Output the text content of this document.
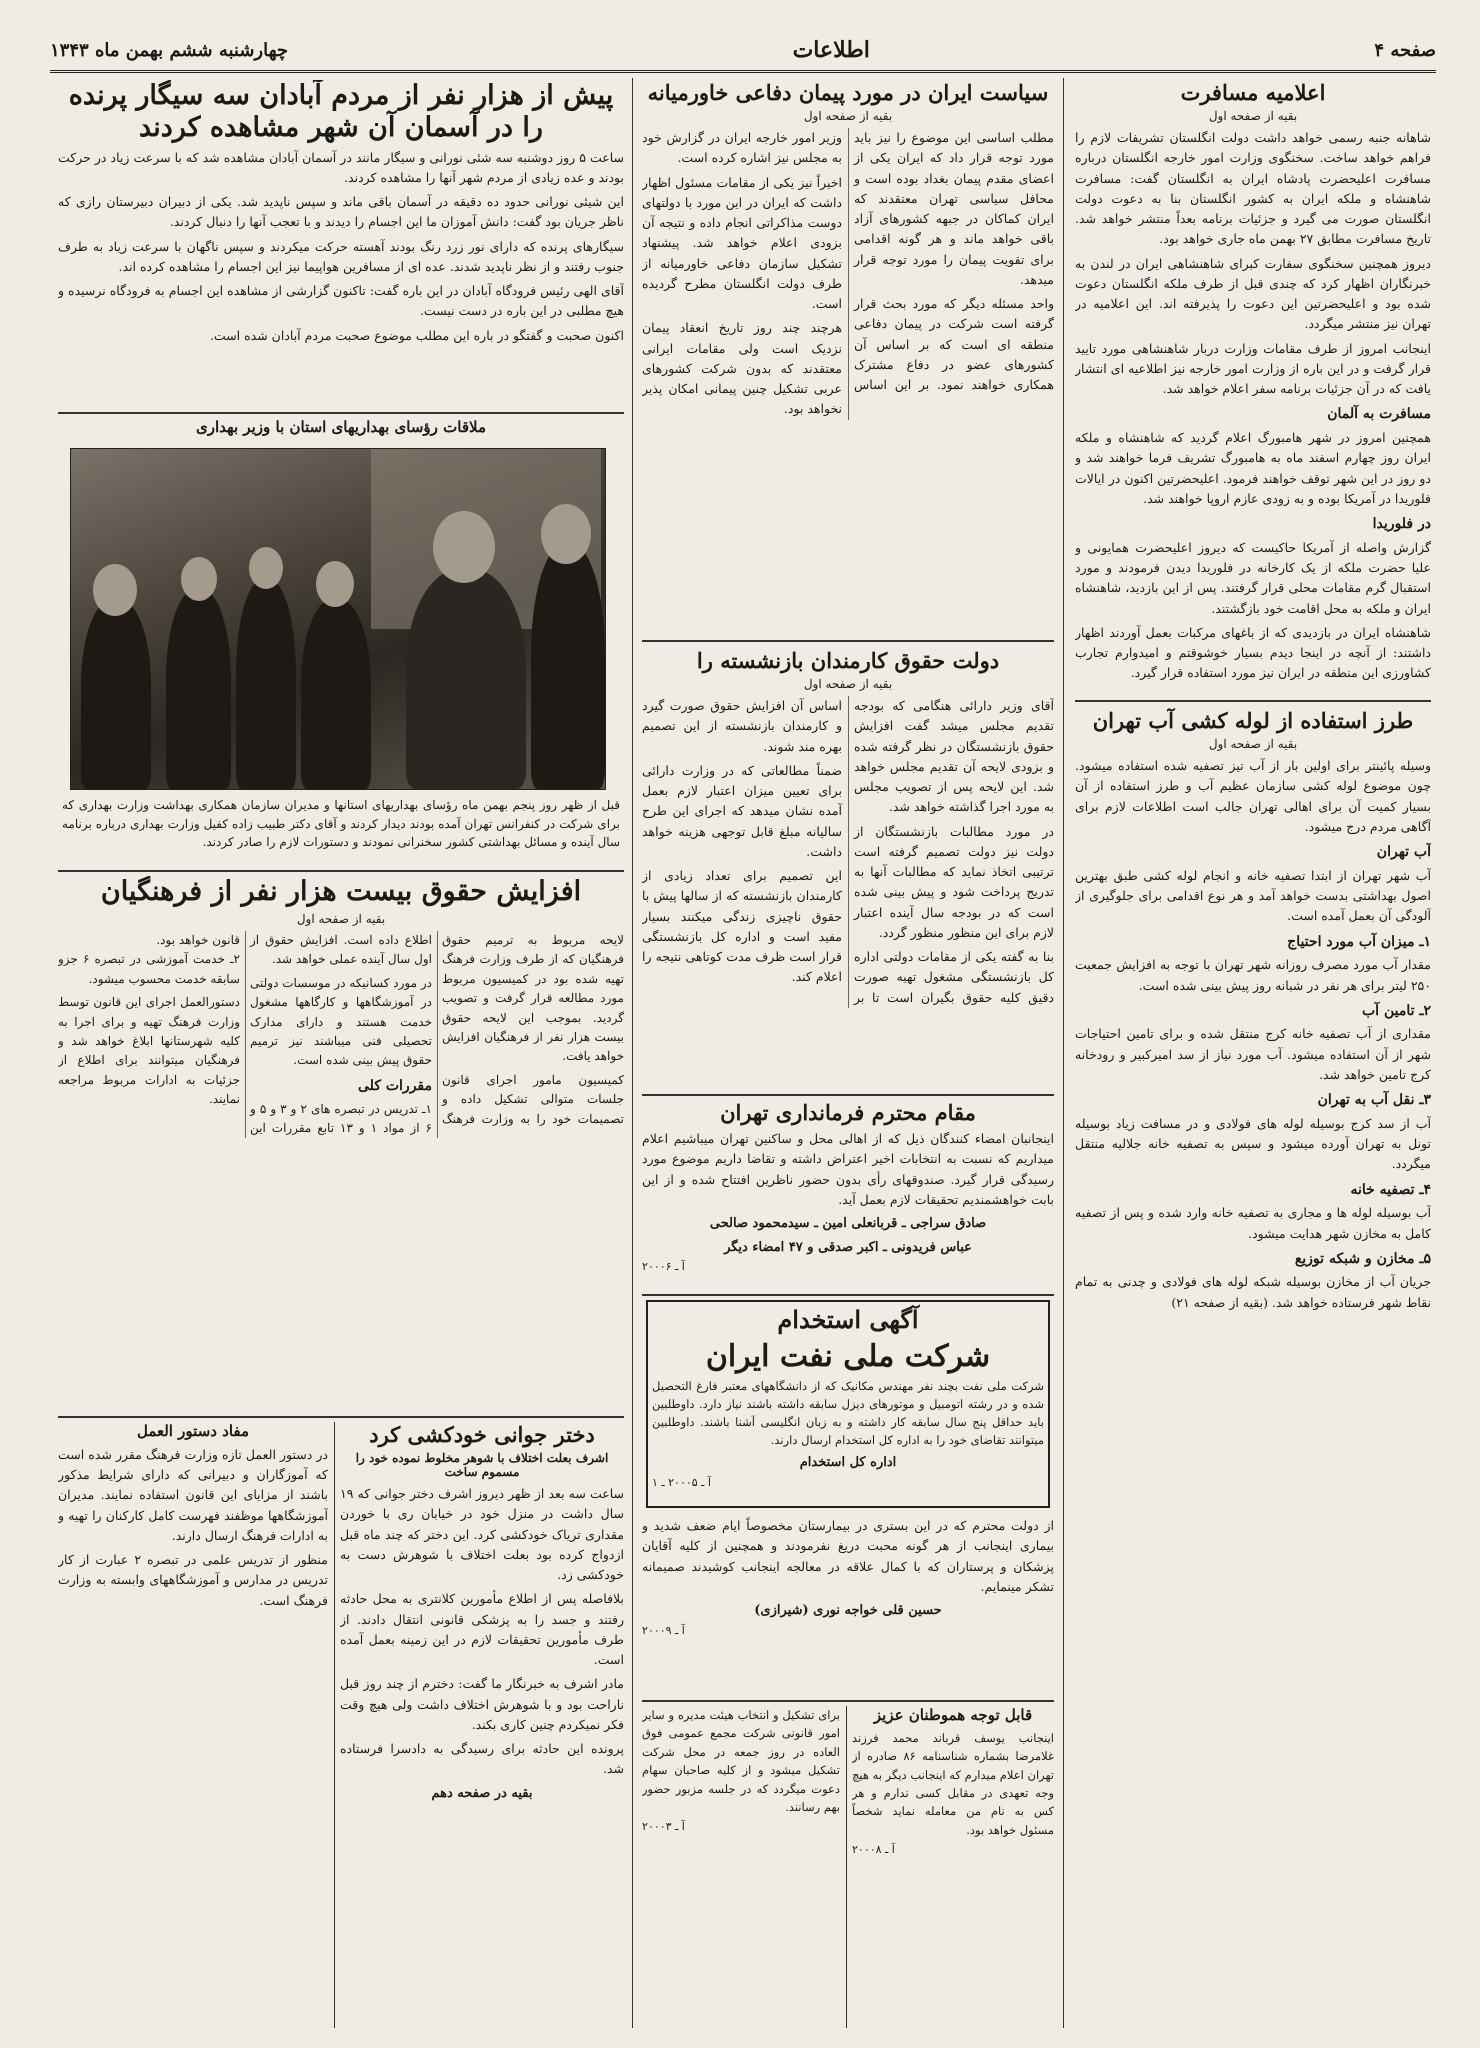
صفحه ۴
اطلاعات
چهارشنبه ششم بهمن ماه ۱۳۴۳
اعلامیه مسافرت
بقیه از صفحه اول

شاهانه جنبه رسمی خواهد داشت دولت انگلستان تشریفات لازم را فراهم خواهد ساخت. سخنگوی وزارت امور خارجه انگلستان درباره مسافرت اعلیحضرت پادشاه ایران به انگلستان گفت: مسافرت شاهنشاه و ملکه ایران به کشور انگلستان بنا به دعوت دولت انگلستان صورت می گیرد و جزئیات برنامه بعداً منتشر خواهد شد. تاریخ مسافرت مطابق ۲۷ بهمن ماه جاری خواهد بود.

دیروز همچنین سخنگوی سفارت کبرای شاهنشاهی ایران در لندن به خبرنگاران اظهار کرد که چندی قبل از طرف ملکه انگلستان دعوت شده بود و اعلیحضرتین این دعوت را پذیرفته اند. این اعلامیه در تهران نیز منتشر میگردد.

اینجانب امروز از طرف مقامات وزارت دربار شاهنشاهی مورد تایید قرار گرفت و در این باره از وزارت امور خارجه نیز اطلاعیه ای انتشار یافت که در آن جزئیات برنامه سفر اعلام خواهد شد.

مسافرت به آلمان

همچنین امروز در شهر هامبورگ اعلام گردید که شاهنشاه و ملکه ایران روز چهارم اسفند ماه به هامبورگ تشریف فرما خواهند شد و دو روز در این شهر توقف خواهند فرمود. اعلیحضرتین اکنون در ایالات فلوریدا در آمریکا بوده و به زودی عازم اروپا خواهند شد.

در فلوریدا

گزارش واصله از آمریکا حاکیست که دیروز اعلیحضرت همایونی و علیا حضرت ملکه از یک کارخانه در فلوریدا دیدن فرمودند و مورد استقبال گرم مقامات محلی قرار گرفتند. پس از این بازدید، شاهنشاه ایران و ملکه به محل اقامت خود بازگشتند.

شاهنشاه ایران در بازدیدی که از باغهای مرکبات بعمل آوردند اظهار داشتند: از آنچه در اینجا دیدم بسیار خوشوقتم و امیدوارم تجارب کشاورزی این منطقه در ایران نیز مورد استفاده قرار گیرد.

طرز استفاده از لوله کشی آب تهران
بقیه از صفحه اول

وسیله پائینتر برای اولین بار از آب تیز تصفیه شده استفاده میشود. چون موضوع لوله کشی سازمان عظیم آب و طرز استفاده از آن بسیار کمیت آن برای اهالی تهران جالب است اطلاعات لازم برای آگاهی مردم درج میشود.

آب تهران

آب شهر تهران از ابتدا تصفیه خانه و انجام لوله کشی طبق بهترین اصول بهداشتی بدست خواهد آمد و هر نوع اقدامی برای جلوگیری از آلودگی آن بعمل آمده است.

۱ـ میزان آب مورد احتیاج

مقدار آب مورد مصرف روزانه شهر تهران با توجه به افزایش جمعیت ۲۵۰ لیتر برای هر نفر در شبانه روز پیش بینی شده است.

۲ـ تامین آب

مقداری از آب تصفیه خانه کرج منتقل شده و برای تامین احتیاجات شهر از آن استفاده میشود. آب مورد نیاز از سد امیرکبیر و رودخانه کرج تامین خواهد شد.

۳ـ نقل آب به تهران

آب از سد کرج بوسیله لوله های فولادی و در مسافت زیاد بوسیله تونل به تهران آورده میشود و سپس به تصفیه خانه جلالیه منتقل میگردد.

۴ـ تصفیه خانه

آب بوسیله لوله ها و مجاری به تصفیه خانه وارد شده و پس از تصفیه کامل به مخازن شهر هدایت میشود.

۵ـ مخازن و شبکه توزیع

جریان آب از مخازن بوسیله شبکه لوله های فولادی و چدنی به تمام نقاط شهر فرستاده خواهد شد. (بقیه از صفحه ۲۱)

سیاست ایران در مورد پیمان دفاعی خاورمیانه
بقیه از صفحه اول

مطلب اساسی این موضوع را نیز باید مورد توجه قرار داد که ایران یکی از اعضای مقدم پیمان بغداد بوده است و محافل سیاسی تهران معتقدند که ایران کماکان در جبهه کشورهای آزاد باقی خواهد ماند و هر گونه اقدامی برای تقویت پیمان را مورد توجه قرار میدهد.

واحد مسئله دیگر که مورد بحث قرار گرفته است شرکت در پیمان دفاعی منطقه ای است که بر اساس آن کشورهای عضو در دفاع مشترک همکاری خواهند نمود. بر این اساس وزیر امور خارجه ایران در گزارش خود به مجلس نیز اشاره کرده است.

اخیراً نیز یکی از مقامات مسئول اظهار داشت که ایران در این مورد با دولتهای دوست مذاکراتی انجام داده و نتیجه آن بزودی اعلام خواهد شد. پیشنهاد تشکیل سازمان دفاعی خاورمیانه از طرف دولت انگلستان مطرح گردیده است.

هرچند چند روز تاریخ انعقاد پیمان نزدیک است ولی مقامات ایرانی معتقدند که بدون شرکت کشورهای عربی تشکیل چنین پیمانی امکان پذیر نخواهد بود.

پیش از هزار نفر از مردم آبادان سه سیگار پرنده را در آسمان آن شهر مشاهده کردند

ساعت ۵ روز دوشنبه سه شئی نورانی و سیگار مانند در آسمان آبادان مشاهده شد که با سرعت زیاد در حرکت بودند و عده زیادی از مردم شهر آنها را مشاهده کردند.

این شیئی نورانی حدود ده دقیقه در آسمان باقی ماند و سپس ناپدید شد. یکی از دبیران دبیرستان رازی که ناظر جریان بود گفت: دانش آموزان ما این اجسام را دیدند و با تعجب آنها را دنبال کردند.

سیگارهای پرنده که دارای نور زرد رنگ بودند آهسته حرکت میکردند و سپس ناگهان با سرعت زیاد به طرف جنوب رفتند و از نظر ناپدید شدند. عده ای از مسافرین هواپیما نیز این اجسام را مشاهده کرده اند.

آقای الهی رئیس فرودگاه آبادان در این باره گفت: تاکنون گزارشی از مشاهده این اجسام به فرودگاه نرسیده و هیچ مطلبی در این باره در دست نیست.

اکنون صحبت و گفتگو در باره این مطلب موضوع صحبت مردم آبادان شده است.

ملاقات رؤسای بهداریهای استان با وزیر بهداری
قبل از ظهر روز پنجم بهمن ماه رؤسای بهداریهای استانها و مدیران سازمان همکاری بهداشت وزارت بهداری که برای شرکت در کنفرانس تهران آمده بودند دیدار کردند و آقای دکتر طبیب زاده کفیل وزارت بهداری درباره برنامه سال آینده و مسائل بهداشتی کشور سخنرانی نمودند و دستورات لازم را صادر کردند.
دولت حقوق کارمندان بازنشسته را
بقیه از صفحه اول

آقای وزیر دارائی هنگامی که بودجه تقدیم مجلس میشد گفت افزایش حقوق بازنشستگان در نظر گرفته شده و بزودی لایحه آن تقدیم مجلس خواهد شد. این لایحه پس از تصویب مجلس به مورد اجرا گذاشته خواهد شد.

در مورد مطالبات بازنشستگان از دولت نیز دولت تصمیم گرفته است ترتیبی اتخاذ نماید که مطالبات آنها به تدریج پرداخت شود و پیش بینی شده است که در بودجه سال آینده اعتبار لازم برای این منظور منظور گردد.

بنا به گفته یکی از مقامات دولتی اداره کل بازنشستگی مشغول تهیه صورت دقیق کلیه حقوق بگیران است تا بر اساس آن افزایش حقوق صورت گیرد و کارمندان بازنشسته از این تصمیم بهره مند شوند.

ضمناً مطالعاتی که در وزارت دارائی برای تعیین میزان اعتبار لازم بعمل آمده نشان میدهد که اجرای این طرح سالیانه مبلغ قابل توجهی هزینه خواهد داشت.

این تصمیم برای تعداد زیادی از کارمندان بازنشسته که از سالها پیش با حقوق ناچیزی زندگی میکنند بسیار مفید است و اداره کل بازنشستگی قرار است ظرف مدت کوتاهی نتیجه را اعلام کند.

مقام محترم فرمانداری تهران

اینجانبان امضاء کنندگان ذیل که از اهالی محل و ساکنین تهران میباشیم اعلام میداریم که نسبت به انتخابات اخیر اعتراض داشته و تقاضا داریم موضوع مورد رسیدگی قرار گیرد. صندوقهای رأی بدون حضور ناظرین افتتاح شده و از این بابت خواهشمندیم تحقیقات لازم بعمل آید.

صادق سراجی ـ قربانعلی امین ـ سیدمحمود صالحی
عباس فریدونی ـ اکبر صدقی و ۴۷ امضاء دیگر
آ ـ ۲۰۰۰۶
آگهی استخدام
شرکت ملی نفت ایران

شرکت ملی نفت بچند نفر مهندس مکانیک که از دانشگاههای معتبر فارغ التحصیل شده و در رشته اتومبیل و موتورهای دیزل سابقه داشته باشند نیاز دارد. داوطلبین باید حداقل پنج سال سابقه کار داشته و به زبان انگلیسی آشنا باشند. داوطلبین میتوانند تقاضای خود را به اداره کل استخدام ارسال دارند.

اداره کل استخدام
آ ـ ۲۰۰۰۵ ـ ۱

از دولت محترم که در این بستری در بیمارستان مخصوصاً ایام ضعف شدید و بیماری اینجانب از هر گونه محبت دریغ نفرمودند و همچنین از کلیه آقایان پزشکان و پرستاران که با کمال علاقه در معالجه اینجانب کوشیدند صمیمانه تشکر مینمایم.

حسین قلی خواجه نوری (شیرازی)
آ ـ ۲۰۰۰۹
قابل توجه هموطنان عزیز

اینجانب یوسف قرباند محمد فرزند غلامرضا بشماره شناسنامه ۸۶ صادره از تهران اعلام میدارم که اینجانب دیگر به هیچ وجه تعهدی در مقابل کسی ندارم و هر کس به نام من معامله نماید شخصاً مسئول خواهد بود.

آ ـ ۲۰۰۰۸

برای تشکیل و انتخاب هیئت مدیره و سایر امور قانونی شرکت مجمع عمومی فوق العاده در روز جمعه در محل شرکت تشکیل میشود و از کلیه صاحبان سهام دعوت میگردد که در جلسه مزبور حضور بهم رسانند.

آ ـ ۲۰۰۰۳
افزایش حقوق بیست هزار نفر از فرهنگیان
بقیه از صفحه اول

لایحه مربوط به ترمیم حقوق فرهنگیان که از طرف وزارت فرهنگ تهیه شده بود در کمیسیون مربوط مورد مطالعه قرار گرفت و تصویب گردید. بموجب این لایحه حقوق بیست هزار نفر از فرهنگیان افزایش خواهد یافت.

کمیسیون مامور اجرای قانون جلسات متوالی تشکیل داده و تصمیمات خود را به وزارت فرهنگ اطلاع داده است. افزایش حقوق از اول سال آینده عملی خواهد شد.

در مورد کسانیکه در موسسات دولتی در آموزشگاهها و کارگاهها مشغول خدمت هستند و دارای مدارک تحصیلی فنی میباشند نیز ترمیم حقوق پیش بینی شده است.

مقررات کلی

۱ـ تدریس در تبصره های ۲ و ۳ و ۵ و ۶ از مواد ۱ و ۱۳ تابع مقررات این قانون خواهد بود.
۲ـ خدمت آموزشی در تبصره ۶ جزو سابقه خدمت محسوب میشود.

دستورالعمل اجرای این قانون توسط وزارت فرهنگ تهیه و برای اجرا به کلیه شهرستانها ابلاغ خواهد شد و فرهنگیان میتوانند برای اطلاع از جزئیات به ادارات مربوط مراجعه نمایند.

دختر جوانی خودکشی کرد
اشرف بعلت اختلاف با شوهر مخلوط نموده خود را مسموم ساخت

ساعت سه بعد از ظهر دیروز اشرف دختر جوانی که ۱۹ سال داشت در منزل خود در خیابان ری با خوردن مقداری تریاک خودکشی کرد. این دختر که چند ماه قبل ازدواج کرده بود بعلت اختلاف با شوهرش دست به خودکشی زد.

بلافاصله پس از اطلاع مأمورین کلانتری به محل حادثه رفتند و جسد را به پزشکی قانونی انتقال دادند. از طرف مأمورین تحقیقات لازم در این زمینه بعمل آمده است.

مادر اشرف به خبرنگار ما گفت: دخترم از چند روز قبل ناراحت بود و با شوهرش اختلاف داشت ولی هیچ وقت فکر نمیکردم چنین کاری بکند.

پرونده این حادثه برای رسیدگی به دادسرا فرستاده شد.

بقیه در صفحه دهم
مفاد دستور العمل

در دستور العمل تازه وزارت فرهنگ مقرر شده است که آموزگاران و دبیرانی که دارای شرایط مذکور باشند از مزایای این قانون استفاده نمایند. مدیران آموزشگاهها موظفند فهرست کامل کارکنان را تهیه و به ادارات فرهنگ ارسال دارند.

منظور از تدریس علمی در تبصره ۲ عبارت از کار تدریس در مدارس و آموزشگاههای وابسته به وزارت فرهنگ است.
